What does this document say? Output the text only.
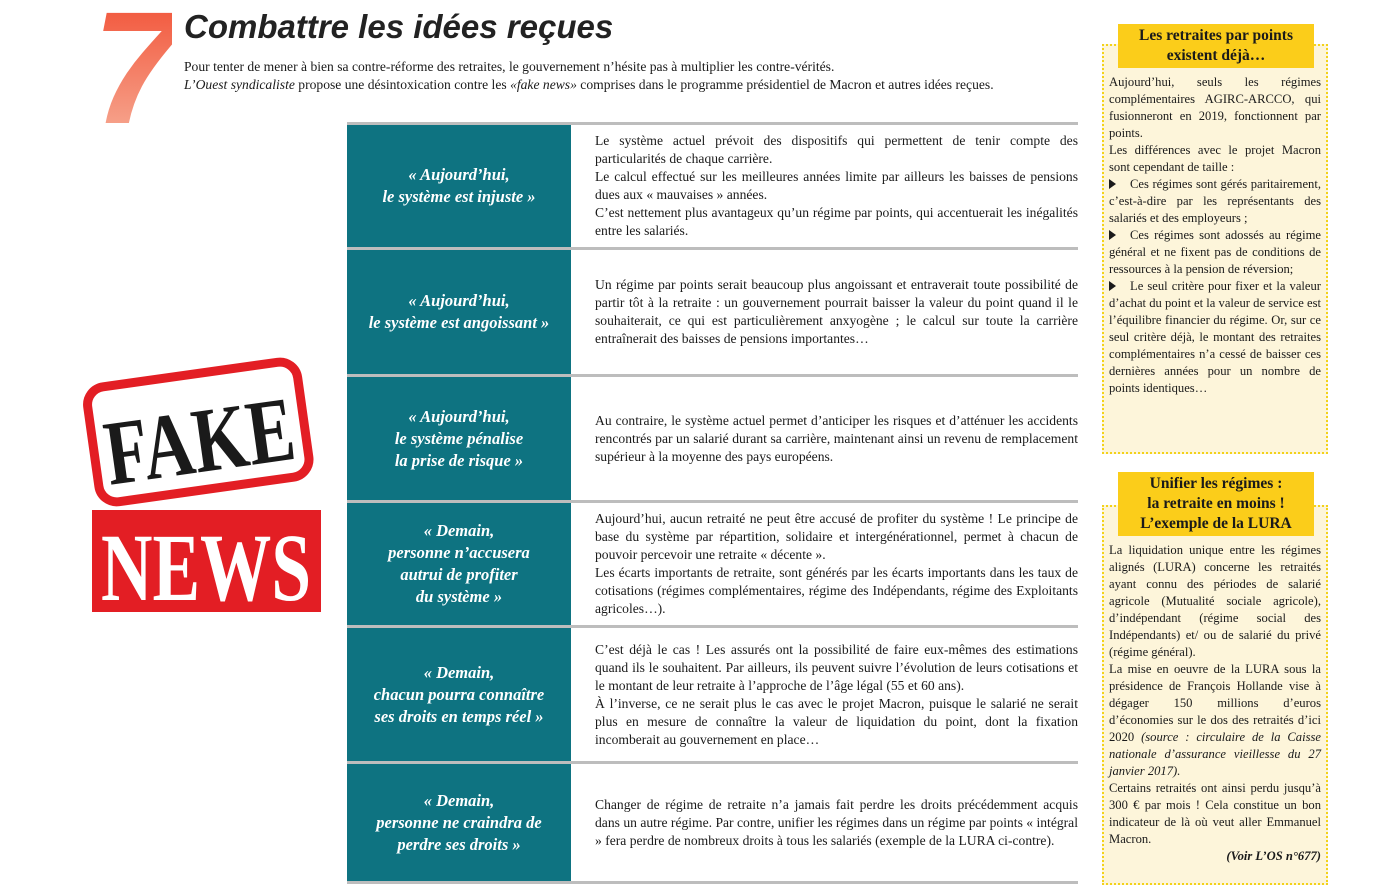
7 Combattre les idées reçues

Pour tenter de mener à bien sa contre-réforme des retraites, le gouvernement n’hésite pas à multiplier les contre-vérités.

L’Ouest syndicaliste propose une désintoxication contre les «fake news» comprises dans le programme présidentiel de Macron et autres idées reçues.

FAKE
NEWS
« Aujourd’hui,
le système est injuste »

Le système actuel prévoit des dispositifs qui permettent de tenir compte des particularités de chaque carrière.

Le calcul effectué sur les meilleures années limite par ailleurs les baisses de pensions dues aux « mauvaises » années.

C’est nettement plus avantageux qu’un régime par points, qui accentuerait les inégalités entre les salariés.

« Aujourd’hui,
le système est angoissant »

Un régime par points serait beaucoup plus angoissant et entraverait toute possibilité de partir tôt à la retraite : un gouvernement pourrait baisser la valeur du point quand il le souhaiterait, ce qui est particulièrement anxyogène ; le calcul sur toute la carrière entraînerait des baisses de pensions importantes…

« Aujourd’hui,
le système pénalise
la prise de risque »

Au contraire, le système actuel permet d’anticiper les risques et d’atténuer les accidents rencontrés par un salarié durant sa carrière, maintenant ainsi un revenu de remplacement supérieur à la moyenne des pays européens.

« Demain,
personne n’accusera
autrui de profiter
du système »

Aujourd’hui, aucun retraité ne peut être accusé de profiter du système ! Le principe de base du système par répartition, solidaire et intergénérationnel, permet à chacun de pouvoir percevoir une retraite « décente ».

Les écarts importants de retraite, sont générés par les écarts importants dans les taux de cotisations (régimes complémentaires, régime des Indépendants, régime des Exploitants agricoles…).

« Demain,
chacun pourra connaître
ses droits en temps réel »

C’est déjà le cas ! Les assurés ont la possibilité de faire eux-mêmes des estimations quand ils le souhaitent. Par ailleurs, ils peuvent suivre l’évolution de leurs cotisations et le montant de leur retraite à l’approche de l’âge légal (55 et 60 ans).

À l’inverse, ce ne serait plus le cas avec le projet Macron, puisque le salarié ne serait plus en mesure de connaître la valeur de liquidation du point, dont la fixation incomberait au gouvernement en place…

« Demain,
personne ne craindra de
perdre ses droits »

Changer de régime de retraite n’a jamais fait perdre les droits précédemment acquis dans un autre régime. Par contre, unifier les régimes dans un régime par points « intégral » fera perdre de nombreux droits à tous les salariés (exemple de la LURA ci-contre).

Les retraites par points
existent déjà…

Aujourd’hui, seuls les régimes complémentaires AGIRC-ARCCO, qui fusionneront en 2019, fonctionnent par points.

Les différences avec le projet Macron sont cependant de taille :

Ces régimes sont gérés paritairement, c’est-à-dire par les représentants des salariés et des employeurs ;

Ces régimes sont adossés au régime général et ne fixent pas de conditions de ressources à la pension de réversion;

Le seul critère pour fixer et la valeur d’achat du point et la valeur de service est l’équilibre financier du régime. Or, sur ce seul critère déjà, le montant des retraites complémentaires n’a cessé de baisser ces dernières années pour un nombre de points identiques…

Unifier les régimes :
la retraite en moins !
L’exemple de la LURA

La liquidation unique entre les régimes alignés (LURA) concerne les retraités ayant connu des périodes de salarié agricole (Mutualité sociale agricole), d’indépendant (régime social des Indépendants) et/ ou de salarié du privé (régime général).

La mise en oeuvre de la LURA sous la présidence de François Hollande vise à dégager 150 millions d’euros d’économies sur le dos des retraités d’ici 2020 (source : circulaire de la Caisse nationale d’assurance vieillesse du 27 janvier 2017).

Certains retraités ont ainsi perdu jusqu’à 300 € par mois ! Cela constitue un bon indicateur de là où veut aller Emmanuel Macron.

(Voir L’OS n°677)
